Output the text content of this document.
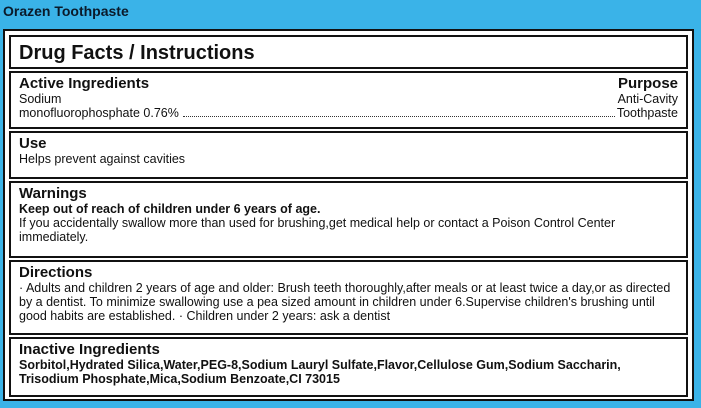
Orazen Toothpaste
Drug Facts / Instructions
Active Ingredients	Purpose
Sodium	Anti-Cavity
monofluorophosphate 0.76%	Toothpaste
Use
Helps prevent against cavities
Warnings
Keep out of reach of children under 6 years of age.
If you accidentally swallow more than used for brushing,get medical help or contact a Poison Control Center immediately.
Directions
· Adults and children 2 years of age and older: Brush teeth thoroughly,after meals or at least twice a day,or as directed by a dentist. To minimize swallowing use a pea sized amount in children under 6.Supervise children's brushing until good habits are established. · Children under 2 years: ask a dentist
Inactive Ingredients
Sorbitol,Hydrated Silica,Water,PEG-8,Sodium Lauryl Sulfate,Flavor,Cellulose Gum,Sodium Saccharin, Trisodium Phosphate,Mica,Sodium Benzoate,CI 73015
